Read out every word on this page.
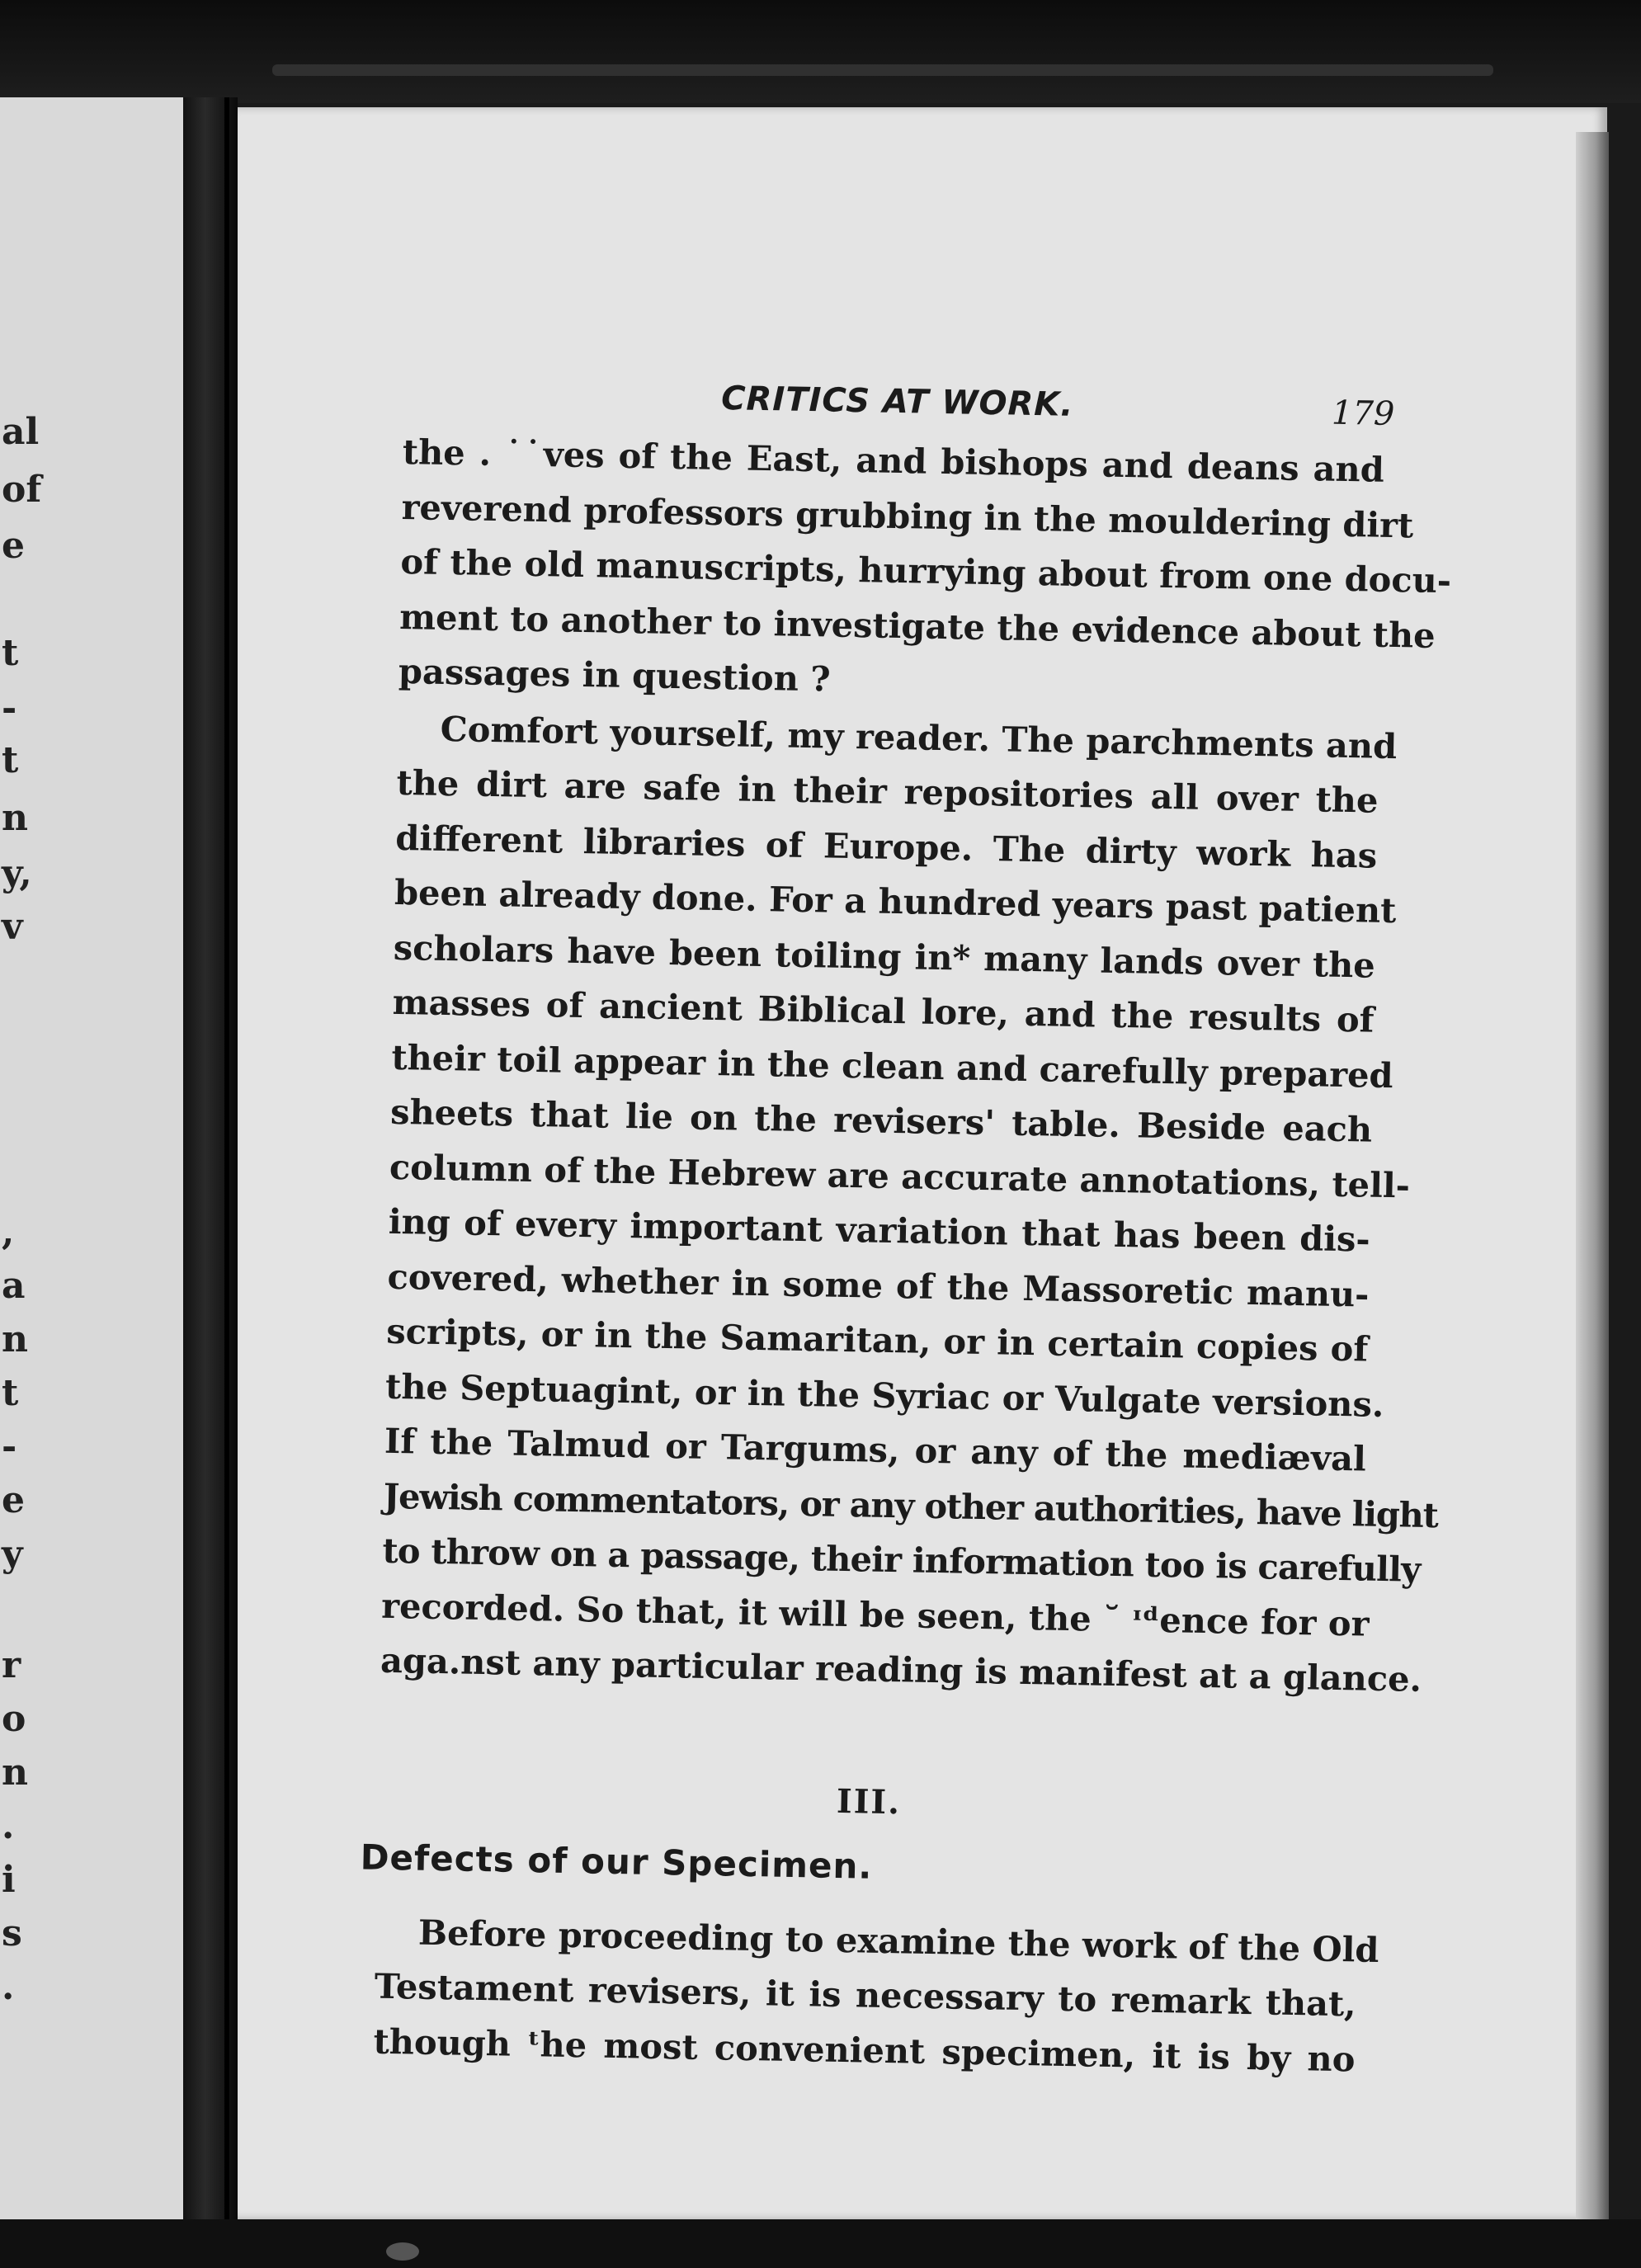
al
of
e
t
-
t
n
y,
v
,
a
n
t
-
e
y
r
o
n
.
i
s
.
CRITICS AT WORK.	179

the . ˙˙ves of the East, and bishops and deans and
reverend professors grubbing in the mouldering dirt
of the old manuscripts, hurrying about from one docu-
ment to another to investigate the evidence about the
passages in question ?

Comfort yourself, my reader. The parchments and
the dirt are safe in their repositories all over the
different libraries of Europe. The dirty work has
been already done. For a hundred years past patient
scholars have been toiling in* many lands over the
masses of ancient Biblical lore, and the results of
their toil appear in the clean and carefully prepared
sheets that lie on the revisers' table. Beside each
column of the Hebrew are accurate annotations, tell-
ing of every important variation that has been dis-
covered, whether in some of the Massoretic manu-
scripts, or in the Samaritan, or in certain copies of
the Septuagint, or in the Syriac or Vulgate versions.
If the Talmud or Targums, or any of the mediæval
Jewish commentators, or any other authorities, have light
to throw on a passage, their information too is carefully
recorded. So that, it will be seen, the ˘ ᶦᵈence for or
aga.nst any particular reading is manifest at a glance.

III.
Defects of our Specimen.

Before proceeding to examine the work of the Old
Testament revisers, it is necessary to remark that,
though ᵗhe most convenient specimen, it is by no
